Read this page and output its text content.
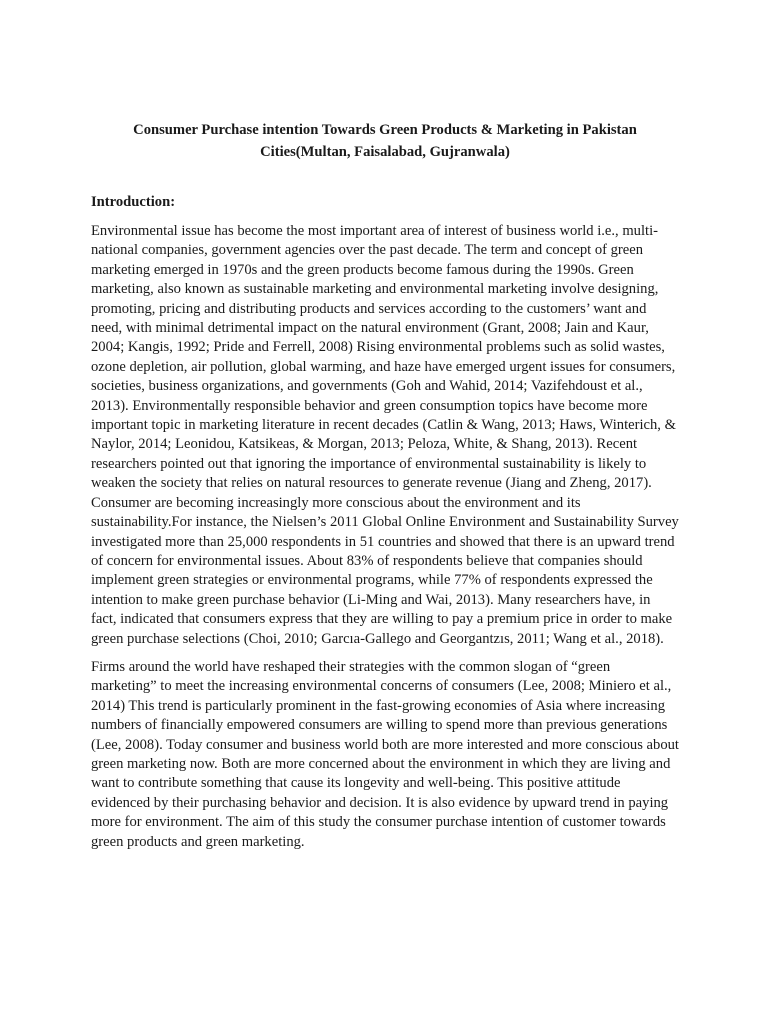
Consumer Purchase intention Towards Green Products & Marketing in Pakistan Cities(Multan, Faisalabad, Gujranwala)
Introduction:

Environmental issue has become the most important area of interest of business world i.e., multi-national companies, government agencies over the past decade. The term and concept of green marketing emerged in 1970s and the green products become famous during the 1990s. Green marketing, also known as sustainable marketing and environmental marketing involve designing, promoting, pricing and distributing products and services according to the customers’ want and need, with minimal detrimental impact on the natural environment (Grant, 2008; Jain and Kaur, 2004; Kangis, 1992; Pride and Ferrell, 2008) Rising environmental problems such as solid wastes, ozone depletion, air pollution, global warming, and haze have emerged urgent issues for consumers, societies, business organizations, and governments (Goh and Wahid, 2014; Vazifehdoust et al., 2013). Environmentally responsible behavior and green consumption topics have become more important topic in marketing literature in recent decades (Catlin & Wang, 2013; Haws, Winterich, & Naylor, 2014; Leonidou, Katsikeas, & Morgan, 2013; Peloza, White, & Shang, 2013). Recent researchers pointed out that ignoring the importance of environmental sustainability is likely to weaken the society that relies on natural resources to generate revenue (Jiang and Zheng, 2017). Consumer are becoming increasingly more conscious about the environment and its sustainability.For instance, the Nielsen’s 2011 Global Online Environment and Sustainability Survey investigated more than 25,000 respondents in 51 countries and showed that there is an upward trend of concern for environmental issues. About 83% of respondents believe that companies should implement green strategies or environmental programs, while 77% of respondents expressed the intention to make green purchase behavior (Li-Ming and Wai, 2013). Many researchers have, in fact, indicated that consumers express that they are willing to pay a premium price in order to make green purchase selections (Choi, 2010; Garcıa-Gallego and Georgantzıs, 2011; Wang et al., 2018).

Firms around the world have reshaped their strategies with the common slogan of “green marketing” to meet the increasing environmental concerns of consumers (Lee, 2008; Miniero et al., 2014) This trend is particularly prominent in the fast-growing economies of Asia where increasing numbers of financially empowered consumers are willing to spend more than previous generations (Lee, 2008). Today consumer and business world both are more interested and more conscious about green marketing now. Both are more concerned about the environment in which they are living and want to contribute something that cause its longevity and well-being. This positive attitude evidenced by their purchasing behavior and decision. It is also evidence by upward trend in paying more for environment. The aim of this study the consumer purchase intention of customer towards green products and green marketing.
